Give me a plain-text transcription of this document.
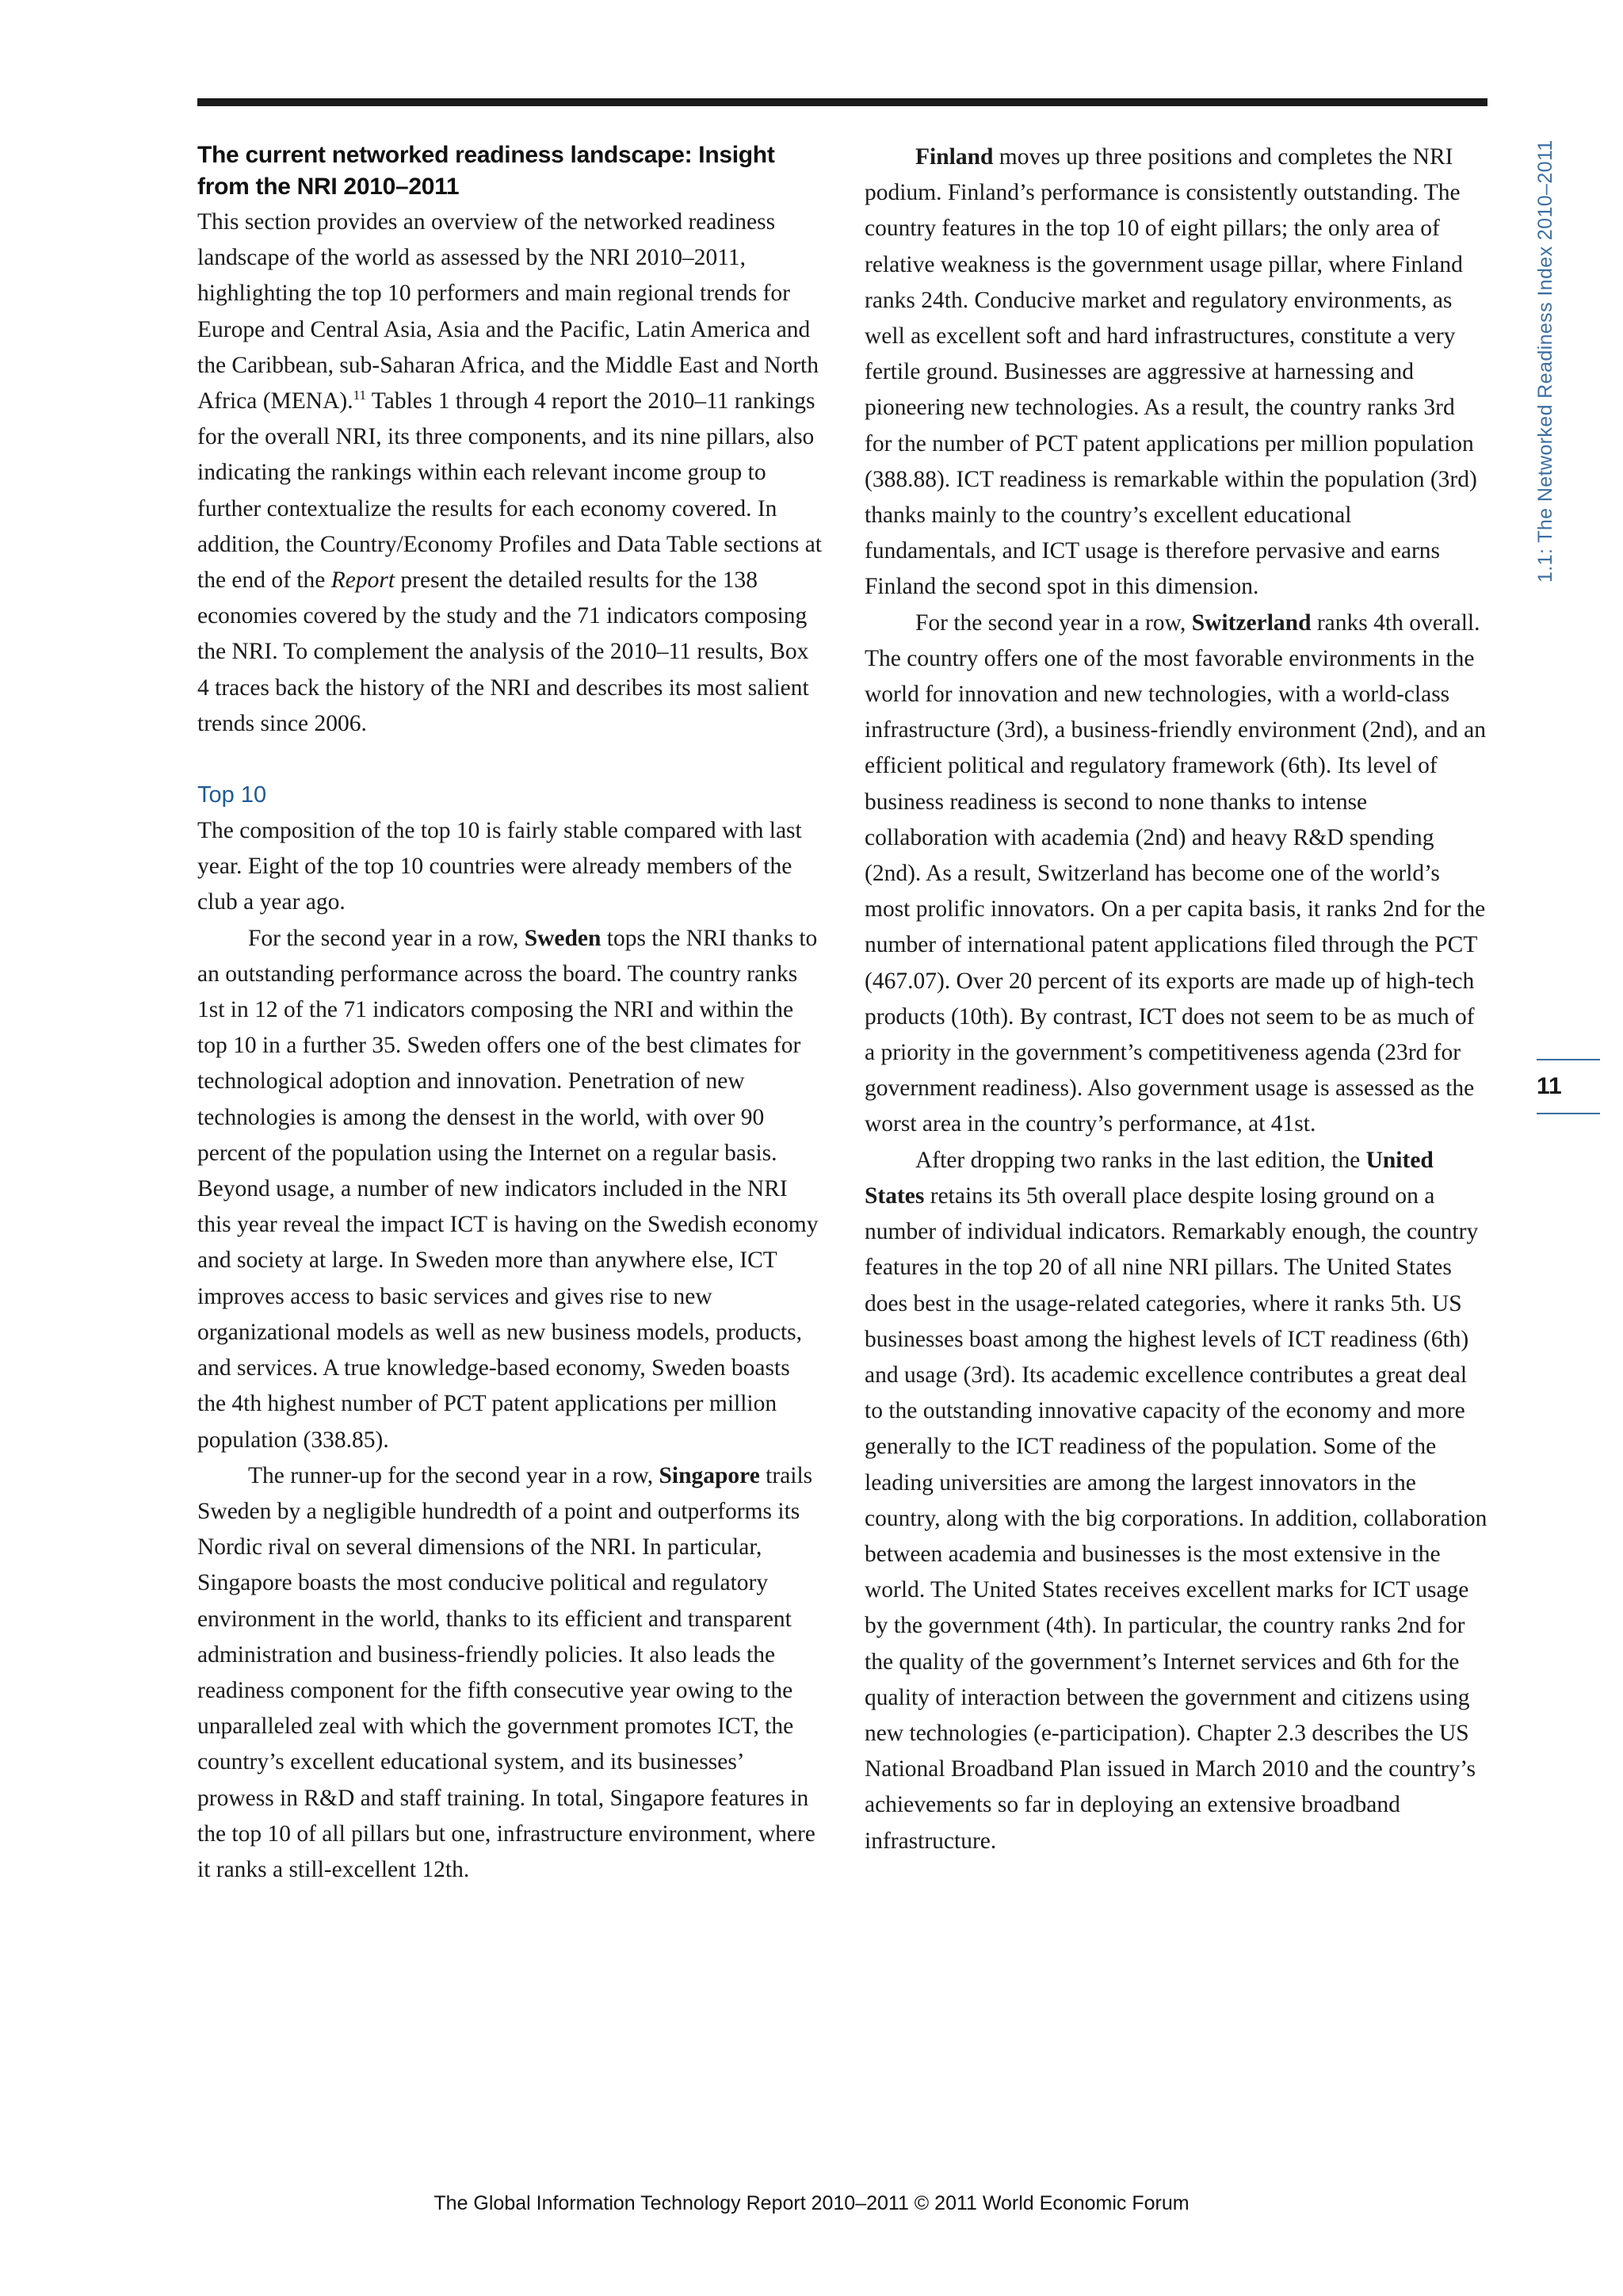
1.1: The Networked Readiness Index 2010–2011
11
The current networked readiness landscape: Insight from the NRI 2010–2011

This section provides an overview of the networked readiness landscape of the world as assessed by the NRI 2010–2011, highlighting the top 10 performers and main regional trends for Europe and Central Asia, Asia and the Pacific, Latin America and the Caribbean, sub-Saharan Africa, and the Middle East and North Africa (MENA).$^{11}$ Tables 1 through 4 report the 2010–11 rankings for the overall NRI, its three components, and its nine pillars, also indicating the rankings within each relevant income group to further contextualize the results for each economy covered. In addition, the Country/Economy Profiles and Data Table sections at the end of the Report present the detailed results for the 138 economies covered by the study and the 71 indicators composing the NRI. To complement the analysis of the 2010–11 results, Box 4 traces back the history of the NRI and describes its most salient trends since 2006.

Top 10

The composition of the top 10 is fairly stable compared with last year. Eight of the top 10 countries were already members of the club a year ago.

For the second year in a row, Sweden tops the NRI thanks to an outstanding performance across the board. The country ranks 1st in 12 of the 71 indicators composing the NRI and within the top 10 in a further 35. Sweden offers one of the best climates for technological adoption and innovation. Penetration of new technologies is among the densest in the world, with over 90 percent of the population using the Internet on a regular basis. Beyond usage, a number of new indicators included in the NRI this year reveal the impact ICT is having on the Swedish economy and society at large. In Sweden more than anywhere else, ICT improves access to basic services and gives rise to new organizational models as well as new business models, products, and services. A true knowledge-based economy, Sweden boasts the 4th highest number of PCT patent applications per million population (338.85).

The runner-up for the second year in a row, Singapore trails Sweden by a negligible hundredth of a point and outperforms its Nordic rival on several dimensions of the NRI. In particular, Singapore boasts the most conducive political and regulatory environment in the world, thanks to its efficient and transparent administration and business-friendly policies. It also leads the readiness component for the fifth consecutive year owing to the unparalleled zeal with which the government promotes ICT, the country’s excellent educational system, and its businesses’ prowess in R&D and staff training. In total, Singapore features in the top 10 of all pillars but one, infrastructure environment, where it ranks a still-excellent 12th.

Finland moves up three positions and completes the NRI podium. Finland’s performance is consistently outstanding. The country features in the top 10 of eight pillars; the only area of relative weakness is the government usage pillar, where Finland ranks 24th. Conducive market and regulatory environments, as well as excellent soft and hard infrastructures, constitute a very fertile ground. Businesses are aggressive at harnessing and pioneering new technologies. As a result, the country ranks 3rd for the number of PCT patent applications per million population (388.88). ICT readiness is remarkable within the population (3rd) thanks mainly to the country’s excellent educational fundamentals, and ICT usage is therefore pervasive and earns Finland the second spot in this dimension.

For the second year in a row, Switzerland ranks 4th overall. The country offers one of the most favorable environments in the world for innovation and new technologies, with a world-class infrastructure (3rd), a business-friendly environment (2nd), and an efficient political and regulatory framework (6th). Its level of business readiness is second to none thanks to intense collaboration with academia (2nd) and heavy R&D spending (2nd). As a result, Switzerland has become one of the world’s most prolific innovators. On a per capita basis, it ranks 2nd for the number of international patent applications filed through the PCT (467.07). Over 20 percent of its exports are made up of high-tech products (10th). By contrast, ICT does not seem to be as much of a priority in the government’s competitiveness agenda (23rd for government readiness). Also government usage is assessed as the worst area in the country’s performance, at 41st.

After dropping two ranks in the last edition, the United States retains its 5th overall place despite losing ground on a number of individual indicators. Remarkably enough, the country features in the top 20 of all nine NRI pillars. The United States does best in the usage-related categories, where it ranks 5th. US businesses boast among the highest levels of ICT readiness (6th) and usage (3rd). Its academic excellence contributes a great deal to the outstanding innovative capacity of the economy and more generally to the ICT readiness of the population. Some of the leading universities are among the largest innovators in the country, along with the big corporations. In addition, collaboration between academia and businesses is the most extensive in the world. The United States receives excellent marks for ICT usage by the government (4th). In particular, the country ranks 2nd for the quality of the government’s Internet services and 6th for the quality of interaction between the government and citizens using new technologies (e-participation). Chapter 2.3 describes the US National Broadband Plan issued in March 2010 and the country’s achievements so far in deploying an extensive broadband infrastructure.

The Global Information Technology Report 2010–2011 © 2011 World Economic Forum
